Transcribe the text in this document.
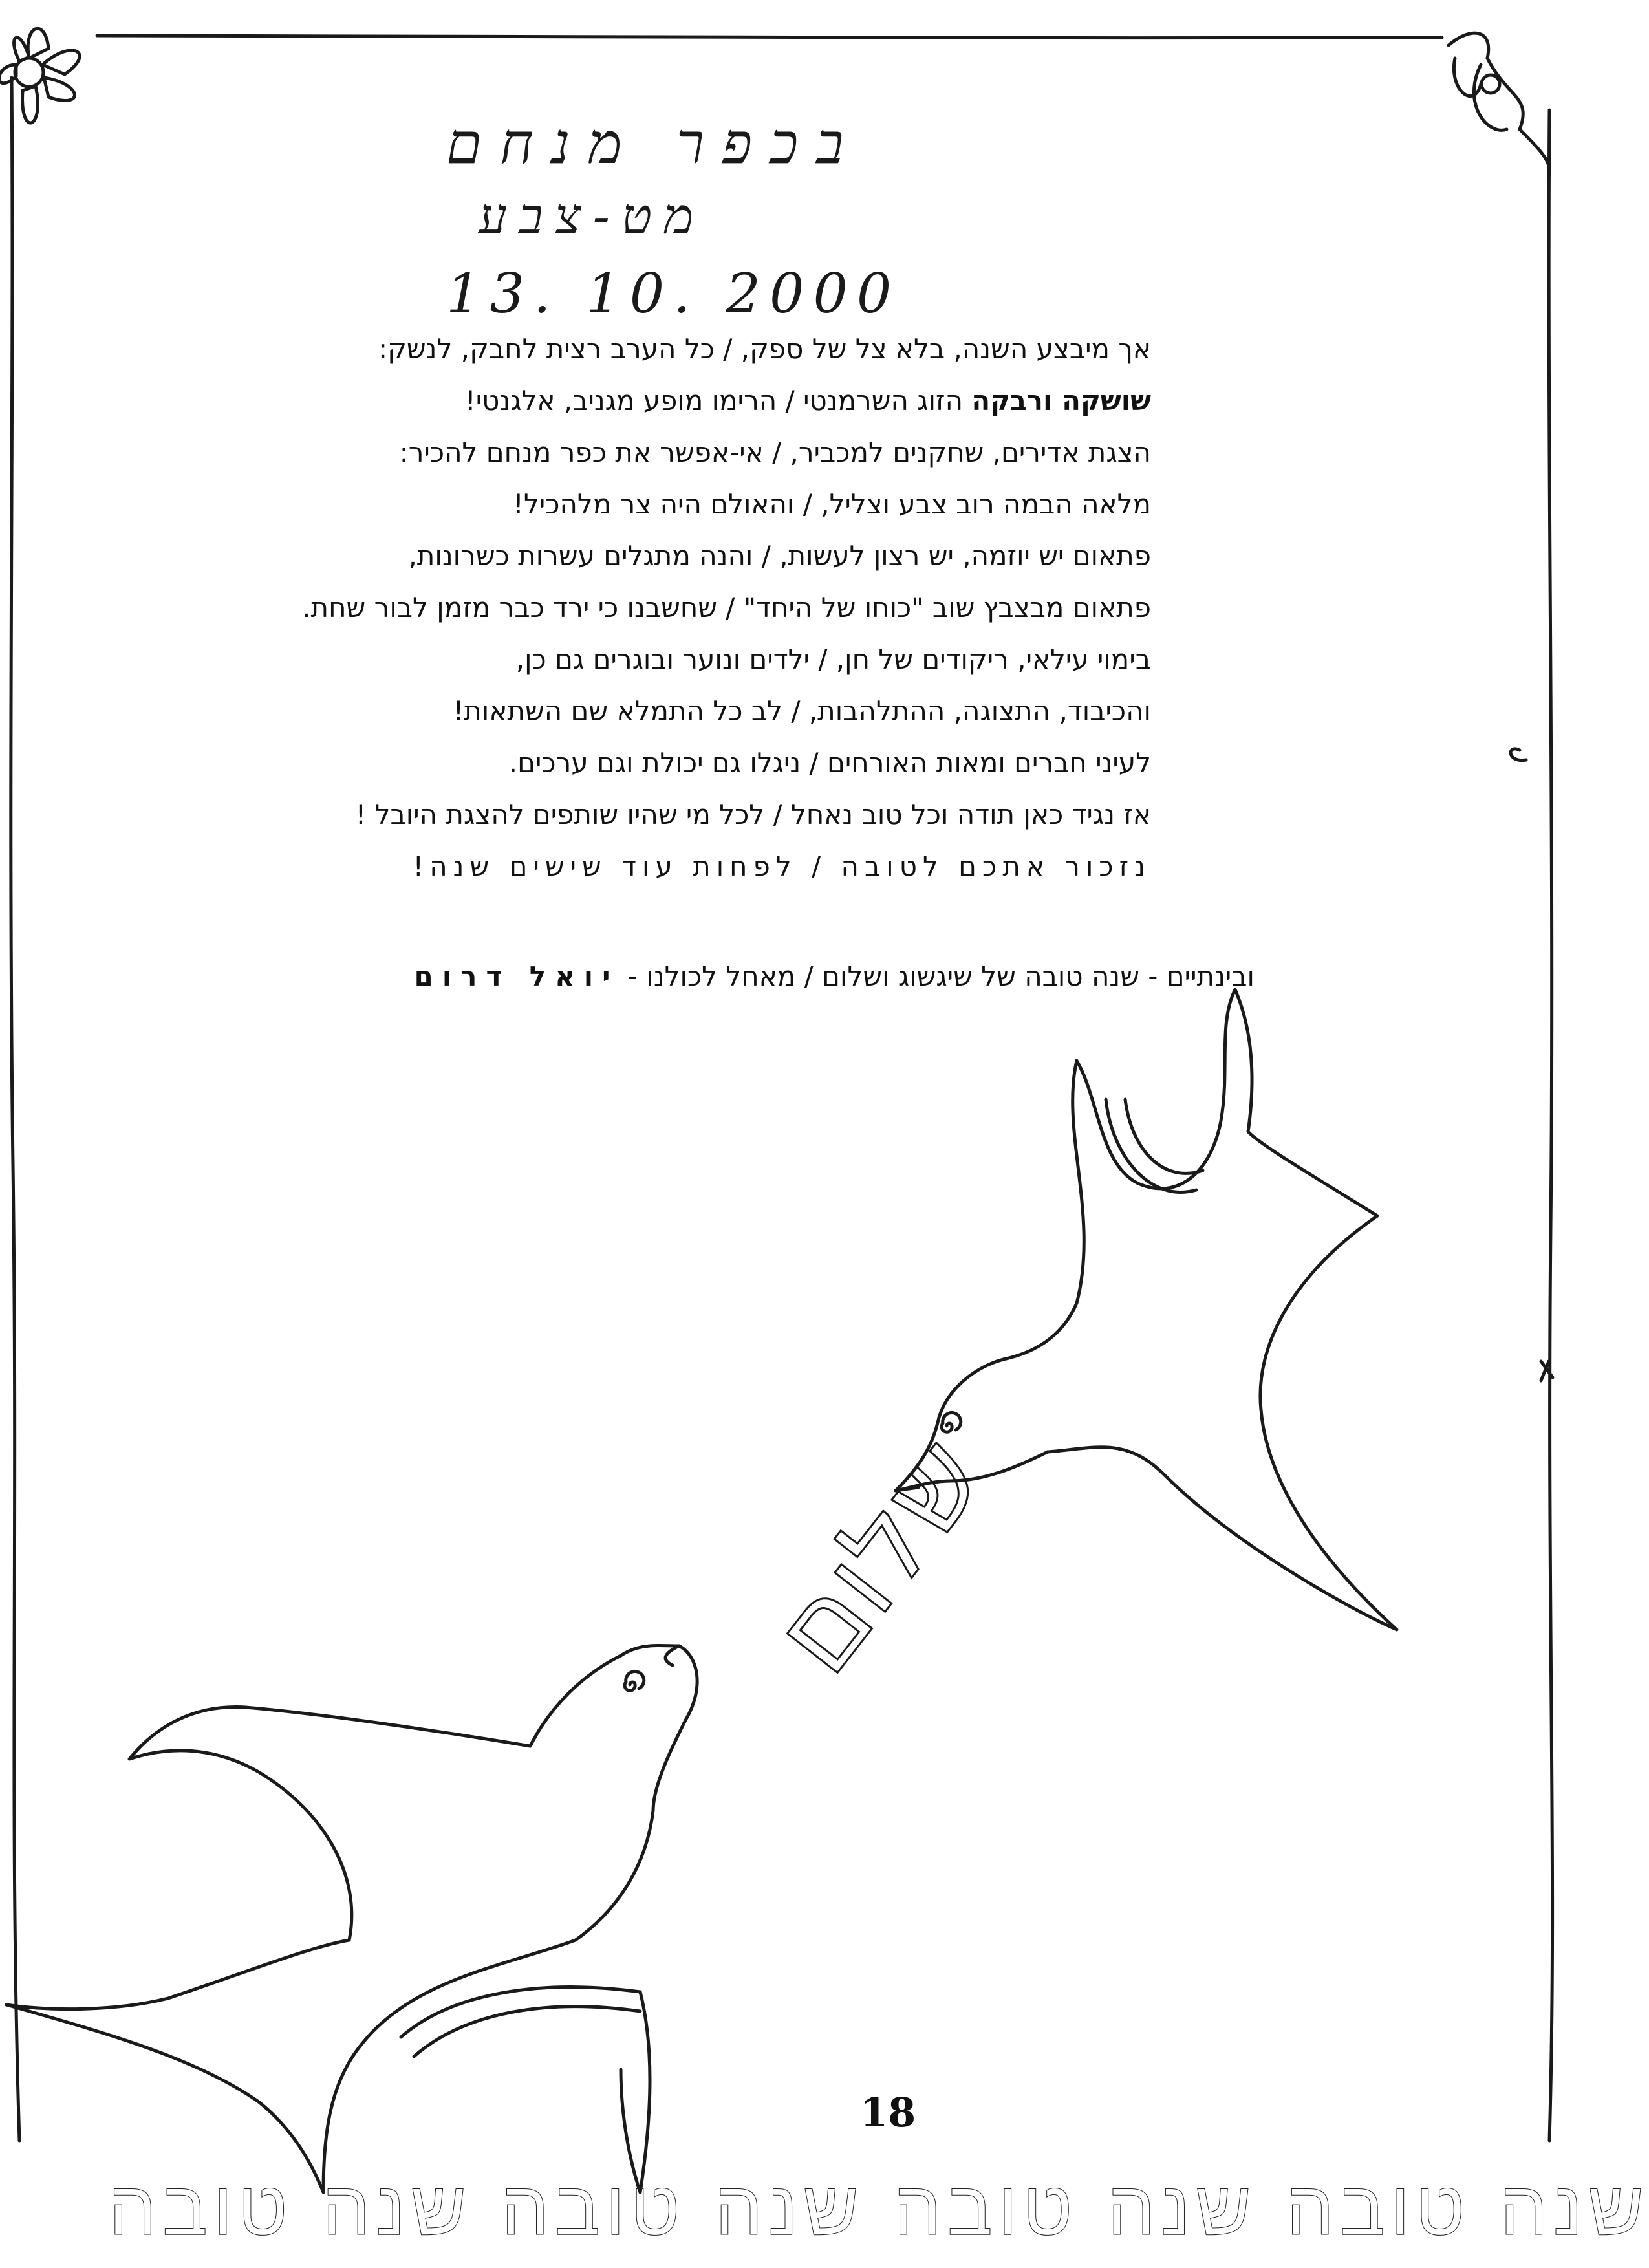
בכפר מנחם
מט-צבע
13. 10. 2000
אך מיבצע השנה, בלא צל של ספק, / כל הערב רצית לחבק, לנשק:
שושקה ורבקה הזוג השרמנטי / הרימו מופע מגניב, אלגנטי!
הצגת אדירים, שחקנים למכביר, / אי-אפשר את כפר מנחם להכיר:
מלאה הבמה רוב צבע וצליל, / והאולם היה צר מלהכיל!
פתאום יש יוזמה, יש רצון לעשות, / והנה מתגלים עשרות כשרונות,
פתאום מבצבץ שוב "כוחו של היחד" / שחשבנו כי ירד כבר מזמן לבור שחת.
בימוי עילאי, ריקודים של חן, / ילדים ונוער ובוגרים גם כן,
והכיבוד, התצוגה, ההתלהבות, / לב כל התמלא שם השתאות!
לעיני חברים ומאות האורחים / ניגלו גם יכולת וגם ערכים.
אז נגיד כאן תודה וכל טוב נאחל / לכל מי שהיו שותפים להצגת היובל !
נזכור אתכם לטובה / לפחות עוד שישים שנה!
ובינתיים - שנה טובה של שיגשוג ושלום / מאחל לכולנו - יואל דרום
שלום
18
שנה טובה שנה טובה שנה טובה שנה טובה
